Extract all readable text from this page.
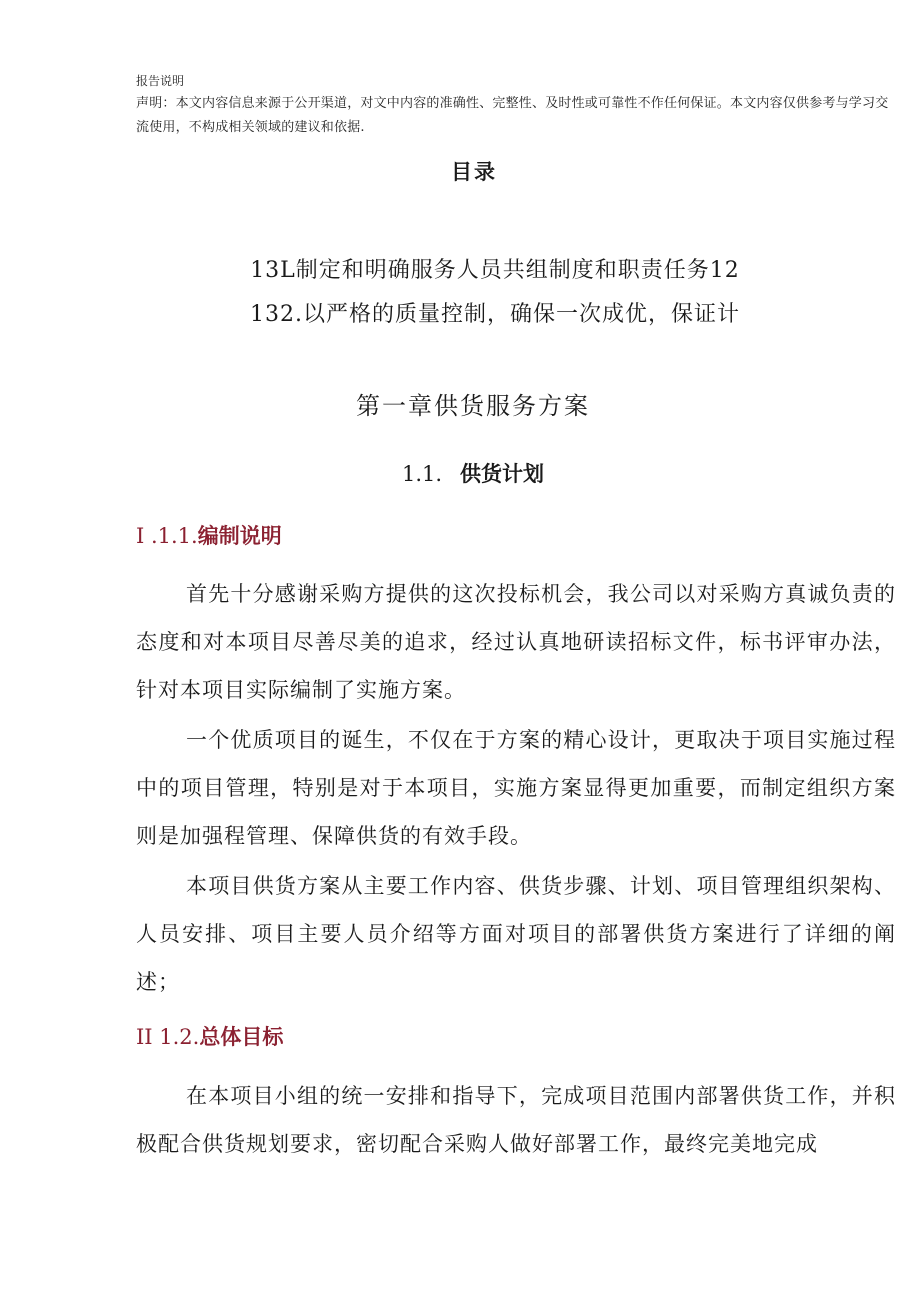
报告说明
声明：本文内容信息来源于公开渠道，对文中内容的准确性、完整性、及时性或可靠性不作任何保证。本文内容仅供参考与学习交流使用，不构成相关领域的建议和依据.
目录
13L制定和明确服务人员共组制度和职责任务12
132.以严格的质量控制，确保一次成优，保证计
第一章供货服务方案
1.1. 供货计划
I .1.1.编制说明
首先十分感谢采购方提供的这次投标机会，我公司以对采购方真诚负责的态度和对本项目尽善尽美的追求，经过认真地研读招标文件，标书评审办法，针对本项目实际编制了实施方案。
一个优质项目的诞生，不仅在于方案的精心设计，更取决于项目实施过程中的项目管理，特别是对于本项目，实施方案显得更加重要，而制定组织方案则是加强程管理、保障供货的有效手段。
本项目供货方案从主要工作内容、供货步骤、计划、项目管理组织架构、人员安排、项目主要人员介绍等方面对项目的部署供货方案进行了详细的阐述；
II 1.2.总体目标
在本项目小组的统一安排和指导下，完成项目范围内部署供货工作，并积极配合供货规划要求，密切配合采购人做好部署工作，最终完美地完成
